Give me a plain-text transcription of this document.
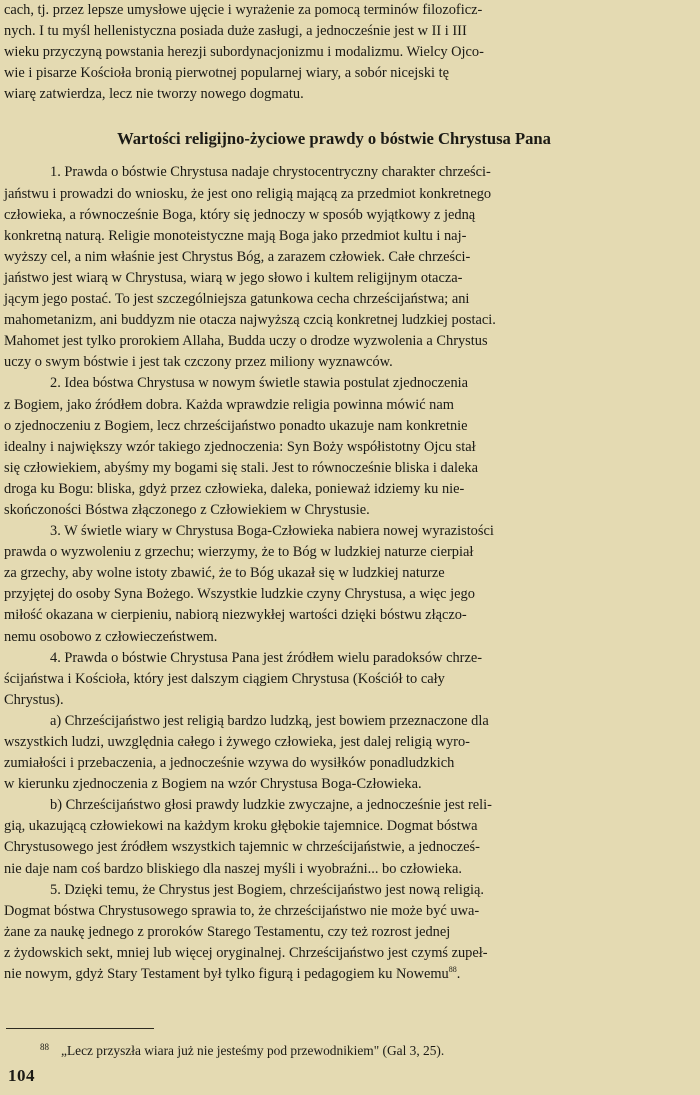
cach, tj. przez lepsze umysłowe ujęcie i wyrażenie za pomocą terminów filozoficz-
nych. I tu myśl hellenistyczna posiada duże zasługi, a jednocześnie jest w II i III
wieku przyczyną powstania herezji subordynacjonizmu i modalizmu. Wielcy Ojco-
wie i pisarze Kościoła bronią pierwotnej popularnej wiary, a sobór nicejski tę
wiarę zatwierdza, lecz nie tworzy nowego dogmatu.

Wartości religijno-życiowe prawdy o bóstwie Chrystusa Pana

1. Prawda o bóstwie Chrystusa nadaje chrystocentryczny charakter chrześci-
jaństwu i prowadzi do wniosku, że jest ono religią mającą za przedmiot konkretnego
człowieka, a równocześnie Boga, który się jednoczy w sposób wyjątkowy z jedną
konkretną naturą. Religie monoteistyczne mają Boga jako przedmiot kultu i naj-
wyższy cel, a nim właśnie jest Chrystus Bóg, a zarazem człowiek. Całe chrześci-
jaństwo jest wiarą w Chrystusa, wiarą w jego słowo i kultem religijnym otacza-
jącym jego postać. To jest szczególniejsza gatunkowa cecha chrześcijaństwa; ani
mahometanizm, ani buddyzm nie otacza najwyższą czcią konkretnej ludzkiej postaci.
Mahomet jest tylko prorokiem Allaha, Budda uczy o drodze wyzwolenia a Chrystus
uczy o swym bóstwie i jest tak czczony przez miliony wyznawców.

2. Idea bóstwa Chrystusa w nowym świetle stawia postulat zjednoczenia
z Bogiem, jako źródłem dobra. Każda wprawdzie religia powinna mówić nam
o zjednoczeniu z Bogiem, lecz chrześcijaństwo ponadto ukazuje nam konkretnie
idealny i największy wzór takiego zjednoczenia: Syn Boży współistotny Ojcu stał
się człowiekiem, abyśmy my bogami się stali. Jest to równocześnie bliska i daleka
droga ku Bogu: bliska, gdyż przez człowieka, daleka, ponieważ idziemy ku nie-
skończoności Bóstwa złączonego z Człowiekiem w Chrystusie.

3. W świetle wiary w Chrystusa Boga-Człowieka nabiera nowej wyrazistości
prawda o wyzwoleniu z grzechu; wierzymy, że to Bóg w ludzkiej naturze cierpiał
za grzechy, aby wolne istoty zbawić, że to Bóg ukazał się w ludzkiej naturze
przyjętej do osoby Syna Bożego. Wszystkie ludzkie czyny Chrystusa, a więc jego
miłość okazana w cierpieniu, nabiorą niezwykłej wartości dzięki bóstwu złączo-
nemu osobowo z człowieczeństwem.

4. Prawda o bóstwie Chrystusa Pana jest źródłem wielu paradoksów chrze-
ścijaństwa i Kościoła, który jest dalszym ciągiem Chrystusa (Kościół to cały
Chrystus).

a) Chrześcijaństwo jest religią bardzo ludzką, jest bowiem przeznaczone dla
wszystkich ludzi, uwzględnia całego i żywego człowieka, jest dalej religią wyro-
zumiałości i przebaczenia, a jednocześnie wzywa do wysiłków ponadludzkich
w kierunku zjednoczenia z Bogiem na wzór Chrystusa Boga-Człowieka.

b) Chrześcijaństwo głosi prawdy ludzkie zwyczajne, a jednocześnie jest reli-
gią, ukazującą człowiekowi na każdym kroku głębokie tajemnice. Dogmat bóstwa
Chrystusowego jest źródłem wszystkich tajemnic w chrześcijaństwie, a jednocześ-
nie daje nam coś bardzo bliskiego dla naszej myśli i wyobraźni... bo człowieka.

5. Dzięki temu, że Chrystus jest Bogiem, chrześcijaństwo jest nową religią.
Dogmat bóstwa Chrystusowego sprawia to, że chrześcijaństwo nie może być uwa-
żane za naukę jednego z proroków Starego Testamentu, czy też rozrost jednej
z żydowskich sekt, mniej lub więcej oryginalnej. Chrześcijaństwo jest czymś zupeł-
nie nowym, gdyż Stary Testament był tylko figurą i pedagogiem ku Nowemu$^{88}$.

$^{88}$ „Lecz przyszła wiara już nie jesteśmy pod przewodnikiem" (Gal 3, 25).
104
